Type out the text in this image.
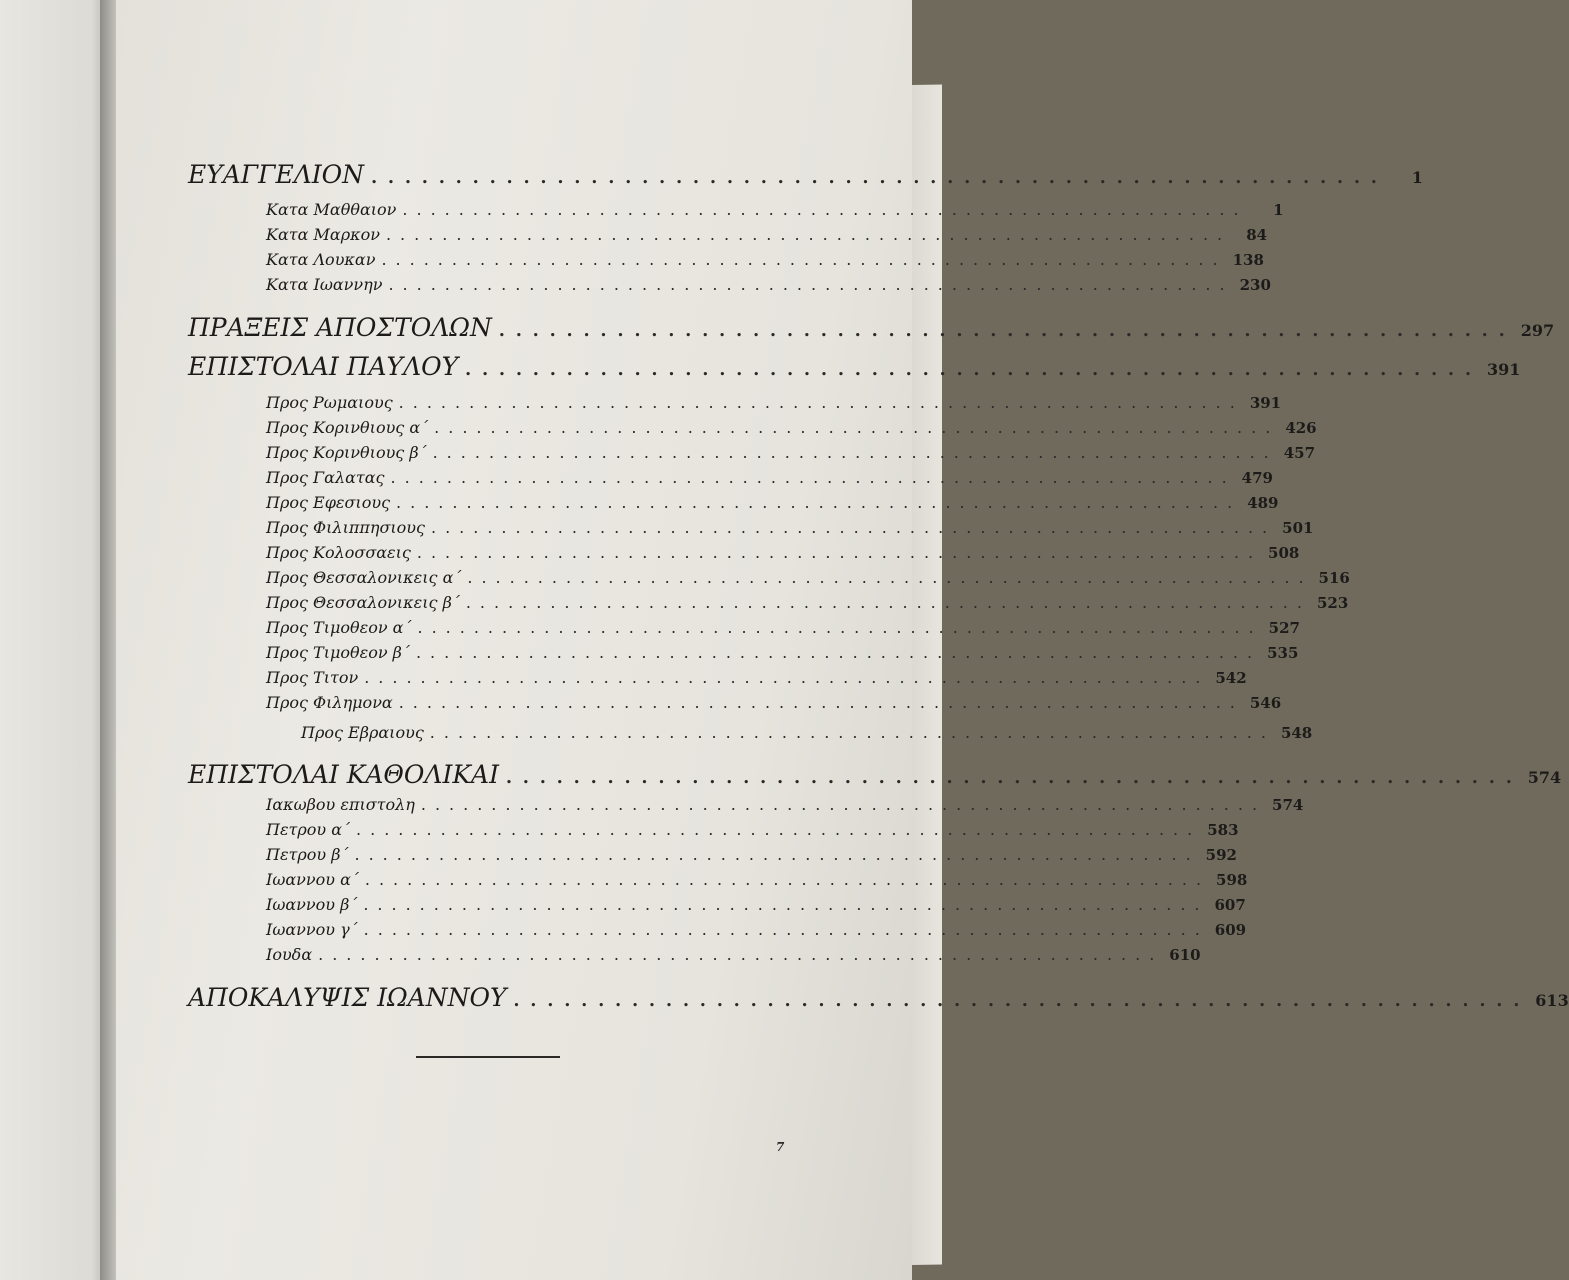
ΕΥΑΓΓΕΛΙΟΝ ............................................................	1
Κατα Μαθθαιον ............................................................	1
Κατα Μαρκον ............................................................	84
Κατα Λουκαν ............................................................ 138
Κατα Ιωαννην ............................................................ 230
ΠΡΑΞΕΙΣ ΑΠΟΣΤΟΛΩΝ ............................................................ 297
ΕΠΙΣΤΟΛΑΙ ΠΑΥΛΟΥ ............................................................ 391
Προς Ρωμαιους ............................................................ 391
Προς Κορινθιους α΄ ............................................................ 426
Προς Κορινθιους β΄ ............................................................ 457
Προς Γαλατας ............................................................ 479
Προς Εφεσιους ............................................................ 489
Προς Φιλιππησιους ............................................................ 501
Προς Κολοσσαεις ............................................................ 508
Προς Θεσσαλονικεις α΄ ............................................................ 516
Προς Θεσσαλονικεις β΄ ............................................................ 523
Προς Τιμοθεον α΄ ............................................................ 527
Προς Τιμοθεον β΄ ............................................................ 535
Προς Τιτον ............................................................ 542
Προς Φιλημονα ............................................................ 546
Προς Εβραιους ............................................................ 548
ΕΠΙΣΤΟΛΑΙ ΚΑΘΟΛΙΚΑΙ ............................................................ 574
Ιακωβου επιστολη ............................................................ 574
Πετρου α΄ ............................................................ 583
Πετρου β΄ ............................................................ 592
Ιωαννου α΄ ............................................................ 598
Ιωαννου β΄ ............................................................ 607
Ιωαννου γ΄ ............................................................ 609
Ιουδα ............................................................ 610
ΑΠΟΚΑΛΥΨΙΣ ΙΩΑΝΝΟΥ ............................................................ 613
7
